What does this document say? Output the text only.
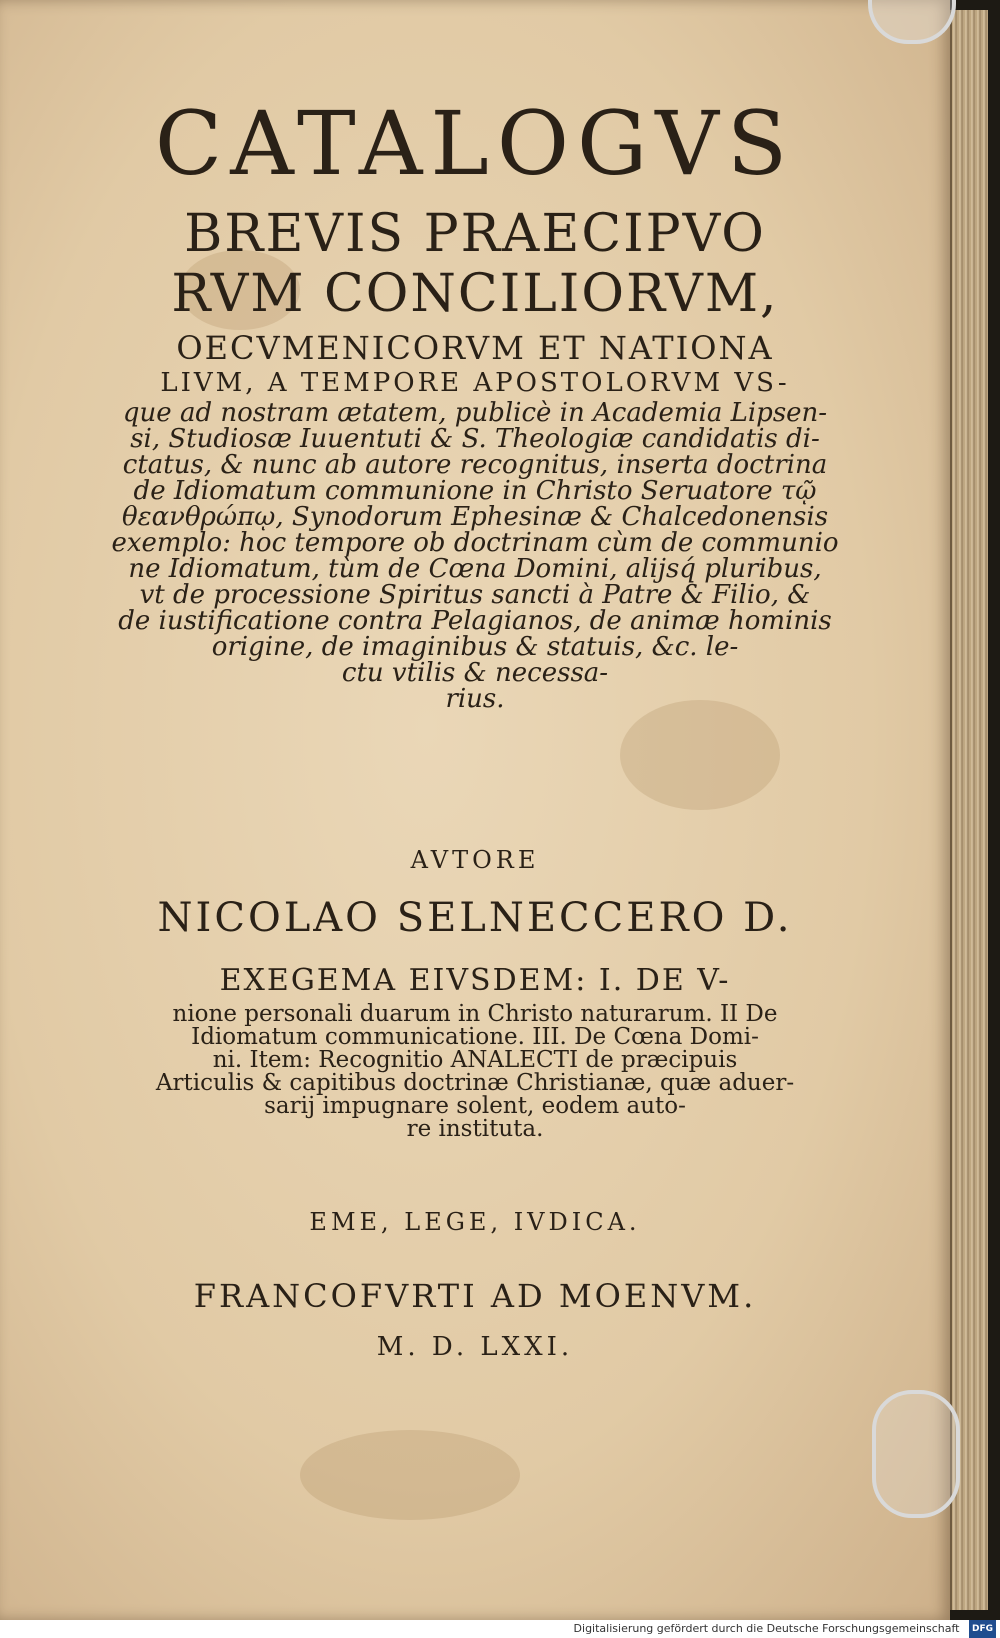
CATALOGVS
BREVIS PRAECIPVO
RVM CONCILIORVM,
OECVMENICORVM ET NATIONA
LIVM, A TEMPORE APOSTOLORVM VS-
que ad nostram ætatem, publicè in Academia Lipsen-
si, Studiosæ Iuuentuti & S. Theologiæ candidatis di-
ctatus, & nunc ab autore recognitus, inserta doctrina
de Idiomatum communione in Christo Seruatore τῷ
θεανθρώπῳ, Synodorum Ephesinæ & Chalcedonensis
exemplo: hoc tempore ob doctrinam cùm de communio
ne Idiomatum, tùm de Cœna Domini, alijsq́ pluribus,
vt de processione Spiritus sancti à Patre & Filio, &
de iustificatione contra Pelagianos, de animæ hominis
origine, de imaginibus & statuis, &c. le-
ctu vtilis & necessa-
rius.
AVTORE
NICOLAO SELNECCERO D.
EXEGEMA EIVSDEM: I. DE V-
nione personali duarum in Christo naturarum. II De
Idiomatum communicatione. III. De Cœna Domi-
ni. Item: Recognitio ANALECTI de præcipuis
Articulis & capitibus doctrinæ Christianæ, quæ aduer-
sarij impugnare solent, eodem auto-
re instituta.
EME, LEGE, IVDICA.
FRANCOFVRTI AD MOENVM.
M. D. LXXI.
Digitalisierung gefördert durch die Deutsche Forschungsgemeinschaft DFG
